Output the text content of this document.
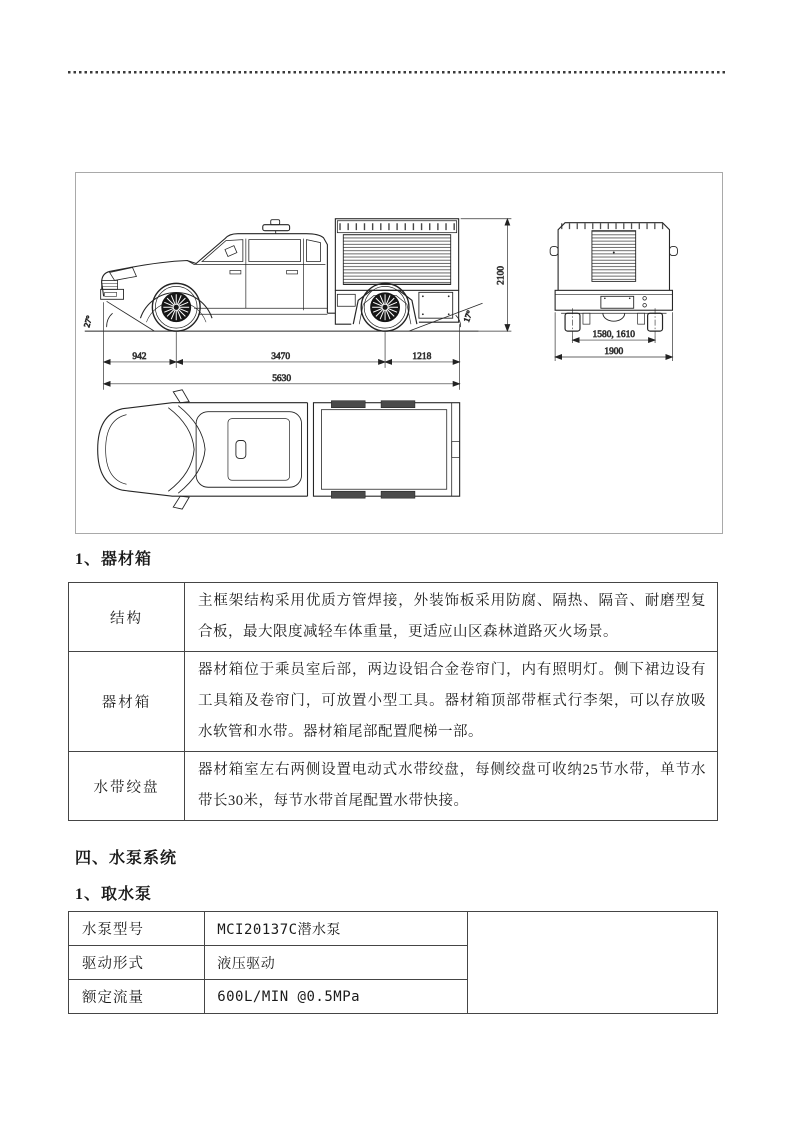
27°	17°
942	3470	1218
5630
2100
1580, 1610
1900
1、器材箱
结构	主框架结构采用优质方管焊接，外装饰板采用防腐、隔热、隔音、耐磨型复合板，最大限度减轻车体重量，更适应山区森林道路灭火场景。
器材箱	器材箱位于乘员室后部，两边设铝合金卷帘门，内有照明灯。侧下裙边设有工具箱及卷帘门，可放置小型工具。器材箱顶部带框式行李架，可以存放吸水软管和水带。器材箱尾部配置爬梯一部。
水带绞盘	器材箱室左右两侧设置电动式水带绞盘，每侧绞盘可收纳25节水带，单节水带长30米，每节水带首尾配置水带快接。
四、水泵系统
1、取水泵
水泵型号	MCI20137C潜水泵	
驱动形式	液压驱动	
额定流量	600L/MIN @0.5MPa	
